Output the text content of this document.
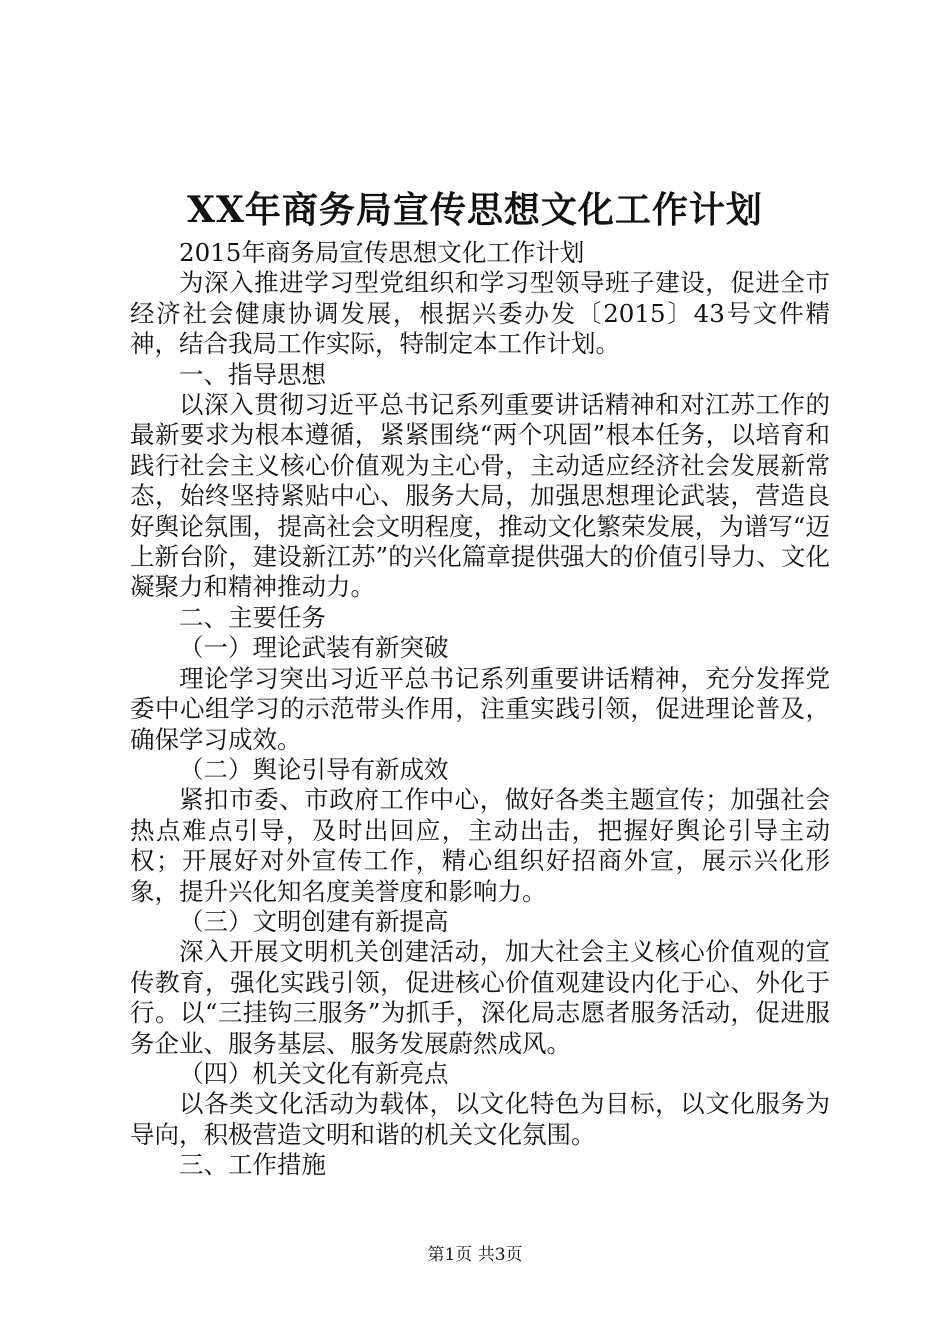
XX年商务局宣传思想文化工作计划

2015年商务局宣传思想文化工作计划

为深入推进学习型党组织和学习型领导班子建设，促进全市经济社会健康协调发展，根据兴委办发〔2015〕43号文件精神，结合我局工作实际，特制定本工作计划。

一、指导思想

以深入贯彻习近平总书记系列重要讲话精神和对江苏工作的最新要求为根本遵循，紧紧围绕“两个巩固”根本任务，以培育和践行社会主义核心价值观为主心骨，主动适应经济社会发展新常态，始终坚持紧贴中心、服务大局，加强思想理论武装，营造良好舆论氛围，提高社会文明程度，推动文化繁荣发展，为谱写“迈上新台阶，建设新江苏”的兴化篇章提供强大的价值引导力、文化凝聚力和精神推动力。

二、主要任务

（一）理论武装有新突破

理论学习突出习近平总书记系列重要讲话精神，充分发挥党委中心组学习的示范带头作用，注重实践引领，促进理论普及，确保学习成效。

（二）舆论引导有新成效

紧扣市委、市政府工作中心，做好各类主题宣传；加强社会热点难点引导，及时出回应，主动出击，把握好舆论引导主动权；开展好对外宣传工作，精心组织好招商外宣，展示兴化形象，提升兴化知名度美誉度和影响力。

（三）文明创建有新提高

深入开展文明机关创建活动，加大社会主义核心价值观的宣传教育，强化实践引领，促进核心价值观建设内化于心、外化于行。以“三挂钩三服务”为抓手，深化局志愿者服务活动，促进服务企业、服务基层、服务发展蔚然成风。

（四）机关文化有新亮点

以各类文化活动为载体，以文化特色为目标，以文化服务为导向，积极营造文明和谐的机关文化氛围。

三、工作措施

第1页 共3页
